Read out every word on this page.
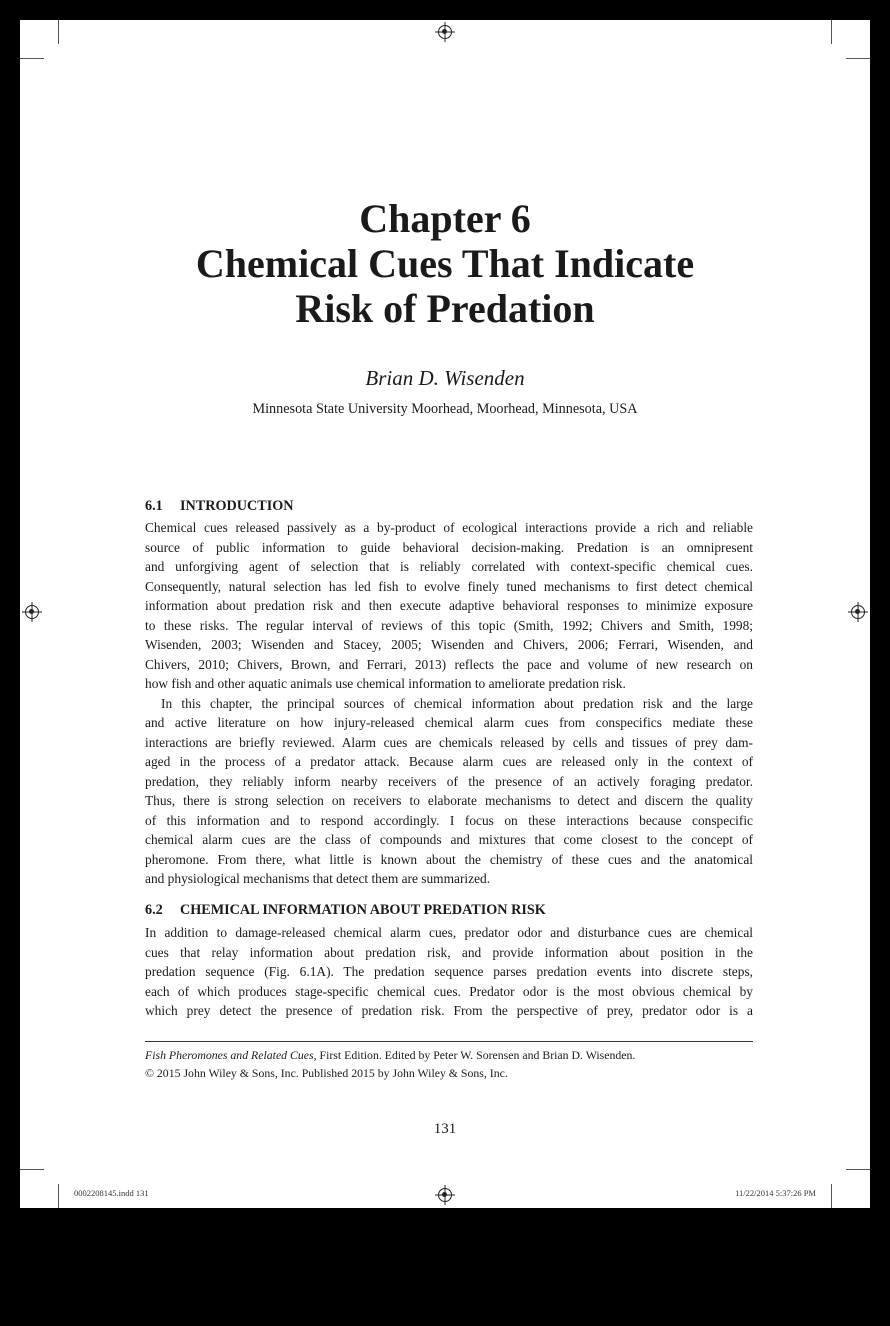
Chapter 6
Chemical Cues That Indicate
Risk of Predation
Brian D. Wisenden
Minnesota State University Moorhead, Moorhead, Minnesota, USA
6.1 INTRODUCTION
Chemical cues released passively as a by-product of ecological interactions provide a rich and reliable
source of public information to guide behavioral decision-making. Predation is an omnipresent
and unforgiving agent of selection that is reliably correlated with context-specific chemical cues.
Consequently, natural selection has led fish to evolve finely tuned mechanisms to first detect chemical
information about predation risk and then execute adaptive behavioral responses to minimize exposure
to these risks. The regular interval of reviews of this topic (Smith, 1992; Chivers and Smith, 1998;
Wisenden, 2003; Wisenden and Stacey, 2005; Wisenden and Chivers, 2006; Ferrari, Wisenden, and
Chivers, 2010; Chivers, Brown, and Ferrari, 2013) reflects the pace and volume of new research on
how fish and other aquatic animals use chemical information to ameliorate predation risk.
In this chapter, the principal sources of chemical information about predation risk and the large
and active literature on how injury-released chemical alarm cues from conspecifics mediate these
interactions are briefly reviewed. Alarm cues are chemicals released by cells and tissues of prey dam-
aged in the process of a predator attack. Because alarm cues are released only in the context of
predation, they reliably inform nearby receivers of the presence of an actively foraging predator.
Thus, there is strong selection on receivers to elaborate mechanisms to detect and discern the quality
of this information and to respond accordingly. I focus on these interactions because conspecific
chemical alarm cues are the class of compounds and mixtures that come closest to the concept of
pheromone. From there, what little is known about the chemistry of these cues and the anatomical
and physiological mechanisms that detect them are summarized.
6.2 CHEMICAL INFORMATION ABOUT PREDATION RISK
In addition to damage-released chemical alarm cues, predator odor and disturbance cues are chemical
cues that relay information about predation risk, and provide information about position in the
predation sequence (Fig. 6.1A). The predation sequence parses predation events into discrete steps,
each of which produces stage-specific chemical cues. Predator odor is the most obvious chemical by
which prey detect the presence of predation risk. From the perspective of prey, predator odor is a
Fish Pheromones and Related Cues, First Edition. Edited by Peter W. Sorensen and Brian D. Wisenden.
© 2015 John Wiley & Sons, Inc. Published 2015 by John Wiley & Sons, Inc.
131
0002208145.indd 131	11/22/2014 5:37:26 PM
